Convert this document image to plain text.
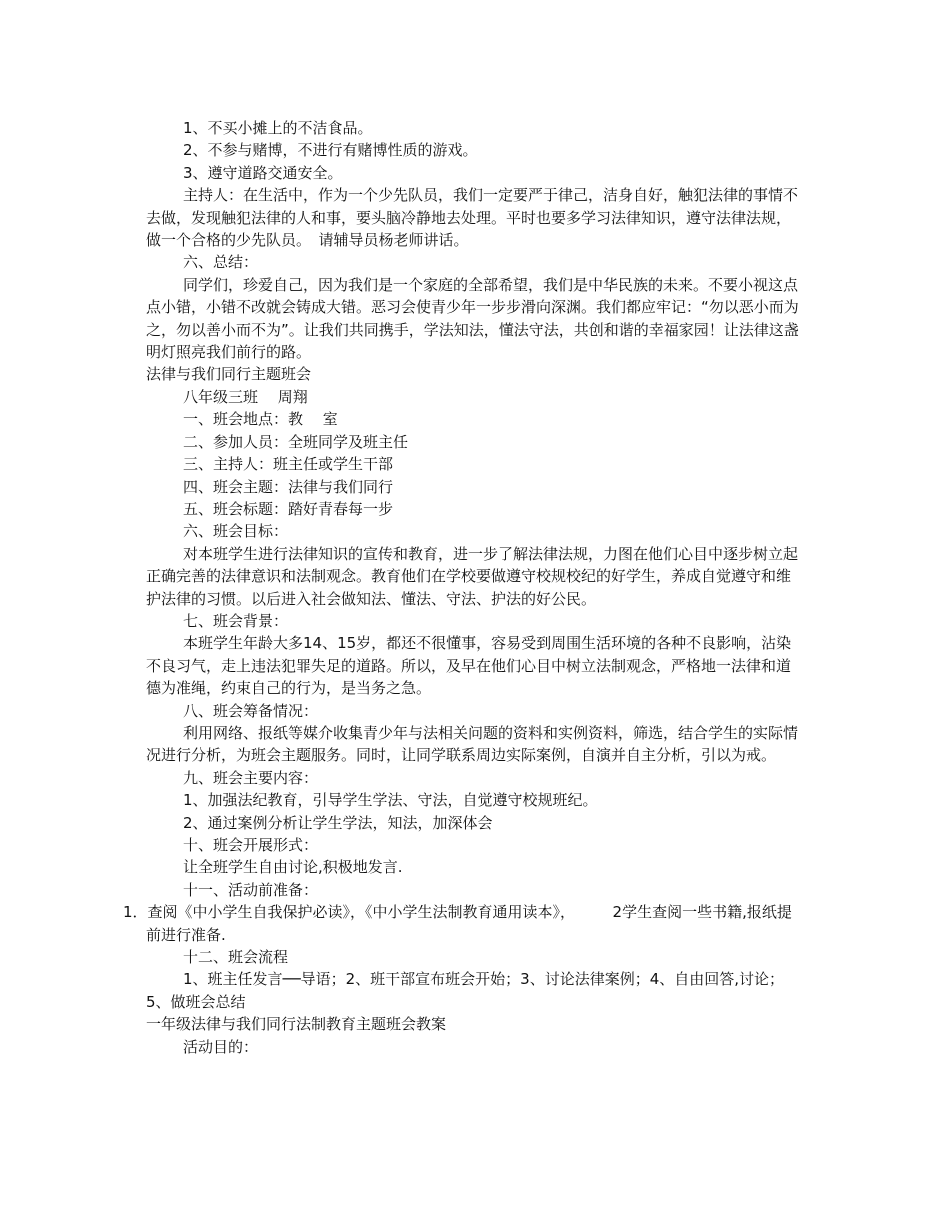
1、不买小摊上的不洁食品。

2、不参与赌博，不进行有赌博性质的游戏。

3、遵守道路交通安全。

主持人：在生活中，作为一个少先队员，我们一定要严于律己，洁身自好，触犯法律的事情不去做，发现触犯法律的人和事，要头脑冷静地去处理。平时也要多学习法律知识，遵守法律法规，做一个合格的少先队员。　请辅导员杨老师讲话。

六、总结：

同学们，珍爱自己，因为我们是一个家庭的全部希望，我们是中华民族的未来。不要小视这点点小错，小错不改就会铸成大错。恶习会使青少年一步步滑向深渊。我们都应牢记：“勿以恶小而为之，勿以善小而不为”。让我们共同携手，学法知法，懂法守法，共创和谐的幸福家园！让法律这盏明灯照亮我们前行的路。

法律与我们同行主题班会

八年级三班　 周翔

一、班会地点：教　 室

二、参加人员：全班同学及班主任

三、主持人：班主任或学生干部

四、班会主题：法律与我们同行

五、班会标题：踏好青春每一步

六、班会目标：

对本班学生进行法律知识的宣传和教育，进一步了解法律法规，力图在他们心目中逐步树立起正确完善的法律意识和法制观念。教育他们在学校要做遵守校规校纪的好学生，养成自觉遵守和维护法律的习惯。以后进入社会做知法、懂法、守法、护法的好公民。

七、班会背景：

本班学生年龄大多14、15岁，都还不很懂事，容易受到周围生活环境的各种不良影响，沾染不良习气，走上违法犯罪失足的道路。所以，及早在他们心目中树立法制观念，严格地一法律和道德为准绳，约束自己的行为，是当务之急。

八、班会筹备情况：

利用网络、报纸等媒介收集青少年与法相关问题的资料和实例资料，筛选，结合学生的实际情况进行分析，为班会主题服务。同时，让同学联系周边实际案例，自演并自主分析，引以为戒。

九、班会主要内容：

1、加强法纪教育，引导学生学法、守法，自觉遵守校规班纪。

2、通过案例分析让学生学法，知法，加深体会

十、班会开展形式：

让全班学生自由讨论,积极地发言.

十一、活动前准备：

1．查阅《中小学生自我保护必读》，《中小学生法制教育通用读本》，　　　2学生查阅一些书籍,报纸提前进行准备.

十二、班会流程

1、班主任发言──导语；2、班干部宣布班会开始；3、讨论法律案例；4、自由回答,讨论；5、做班会总结

一年级法律与我们同行法制教育主题班会教案

活动目的：
